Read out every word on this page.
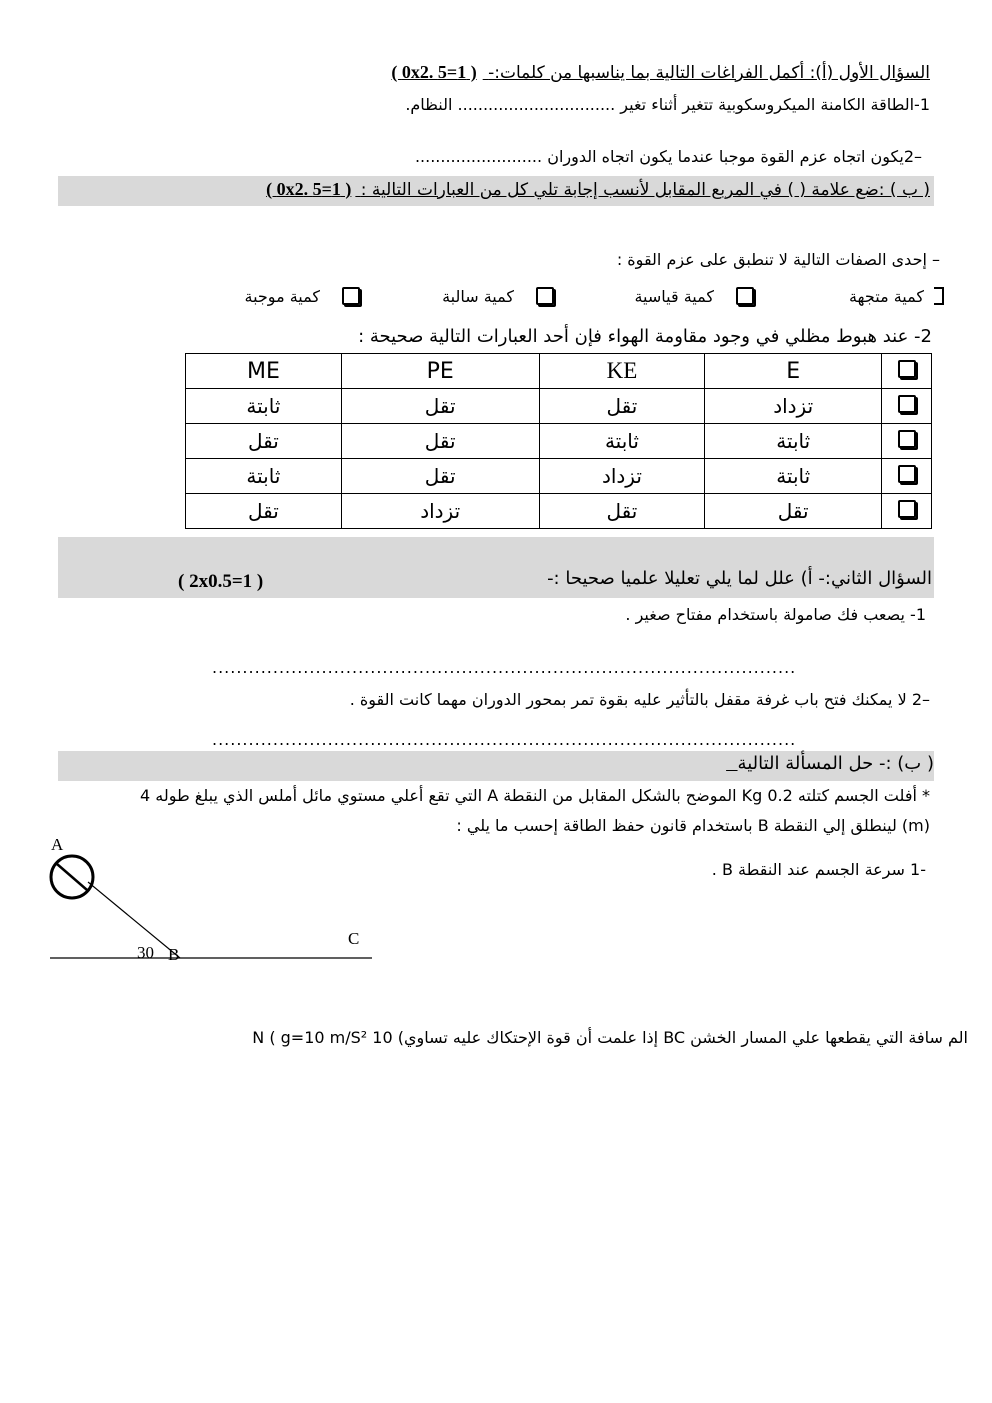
السؤال الأول (أ): أكمل الفراغات التالية بما يناسبها من كلمات:- ( 1=5 .0x2 )
1-الطاقة الكامنة الميكروسكوبية تتغير أثناء تغير ............................... النظام.
–2يكون اتجاه عزم القوة موجبا عندما يكون اتجاه الدوران .........................
( ب ) :ضع علامة ( ) في المربع المقابل لأنسب إجابة تلي كل من العبارات التالية : ( 1=5 .0x2 )
– إحدى الصفات التالية لا تنطبق على عزم القوة :
كمية متجهة
كمية قياسية
كمية سالبة
كمية موجبة
2- عند هبوط مظلي في وجود مقاومة الهواء فإن أحد العبارات التالية صحيحة :
	E	KE	PE	ME
	تزداد	تقل	تقل	ثابتة
	ثابتة	ثابتة	تقل	تقل
	ثابتة	تزداد	تقل	ثابتة
	تقل	تقل	تزداد	تقل
السؤال الثاني:- أ) علل لما يلي تعليلا علميا صحيحا :-
( 2x0.5=1 )
1- يصعب فك صامولة باستخدام مفتاح صغير .
................................................................................................
–2 لا يمكنك فتح باب غرفة مقفل بالتأثير عليه بقوة تمر بمحور الدوران مهما كانت القوة .
................................................................................................
( ب) :- حل المسألة التالية
* أفلت الجسم كتلته Kg 0.2 الموضح بالشكل المقابل من النقطة A التي تقع أعلي مستوي مائل أملس الذي يبلغ طوله 4
(m) لينطلق إلي النقطة B باستخدام قانون حفظ الطاقة إحسب ما يلي :
-1 سرعة الجسم عند النقطة B .
A
30 B
C
الم سافة التي يقطعها علي المسار الخشن BC إذا علمت أن قوة الإحتكاك عليه تساوي) 10 N ( g=10 m/S²
